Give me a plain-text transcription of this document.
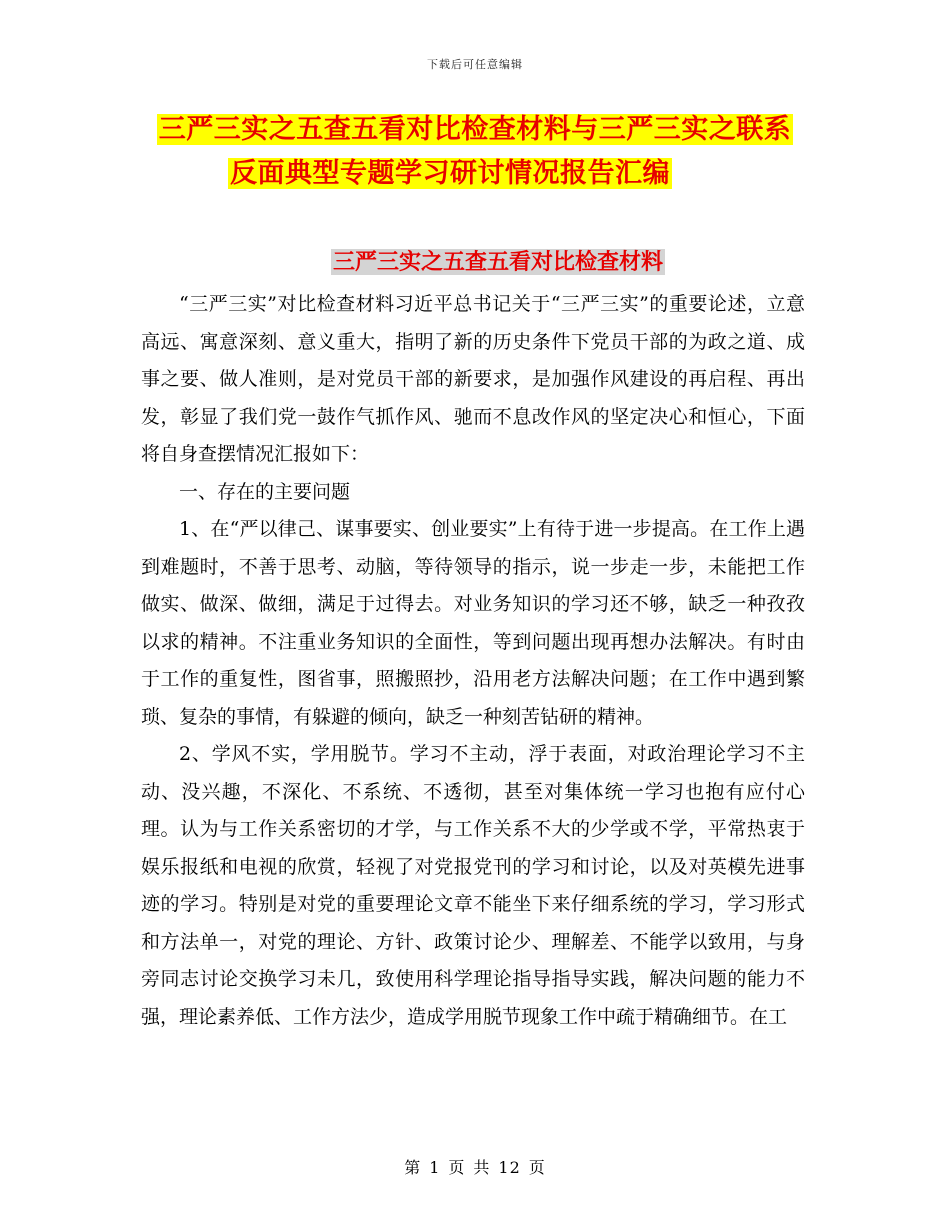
下载后可任意编辑
三严三实之五查五看对比检查材料与三严三实之联系
反面典型专题学习研讨情况报告汇编
三严三实之五查五看对比检查材料

“三严三实”对比检查材料习近平总书记关于“三严三实”的重要论述，立意高远、寓意深刻、意义重大，指明了新的历史条件下党员干部的为政之道、成事之要、做人准则，是对党员干部的新要求，是加强作风建设的再启程、再出发，彰显了我们党一鼓作气抓作风、驰而不息改作风的坚定决心和恒心，下面将自身查摆情况汇报如下：

一、存在的主要问题

1、在“严以律己、谋事要实、创业要实”上有待于进一步提高。在工作上遇到难题时，不善于思考、动脑，等待领导的指示，说一步走一步，未能把工作做实、做深、做细，满足于过得去。对业务知识的学习还不够，缺乏一种孜孜以求的精神。不注重业务知识的全面性，等到问题出现再想办法解决。有时由于工作的重复性，图省事，照搬照抄，沿用老方法解决问题；在工作中遇到繁琐、复杂的事情，有躲避的倾向，缺乏一种刻苦钻研的精神。

2、学风不实，学用脱节。学习不主动，浮于表面，对政治理论学习不主动、没兴趣，不深化、不系统、不透彻，甚至对集体统一学习也抱有应付心理。认为与工作关系密切的才学，与工作关系不大的少学或不学，平常热衷于娱乐报纸和电视的欣赏，轻视了对党报党刊的学习和讨论，以及对英模先进事迹的学习。特别是对党的重要理论文章不能坐下来仔细系统的学习，学习形式和方法单一，对党的理论、方针、政策讨论少、理解差、不能学以致用，与身旁同志讨论交换学习未几，致使用科学理论指导指导实践，解决问题的能力不强，理论素养低、工作方法少，造成学用脱节现象工作中疏于精确细节。在工

第 1 页 共 12 页
